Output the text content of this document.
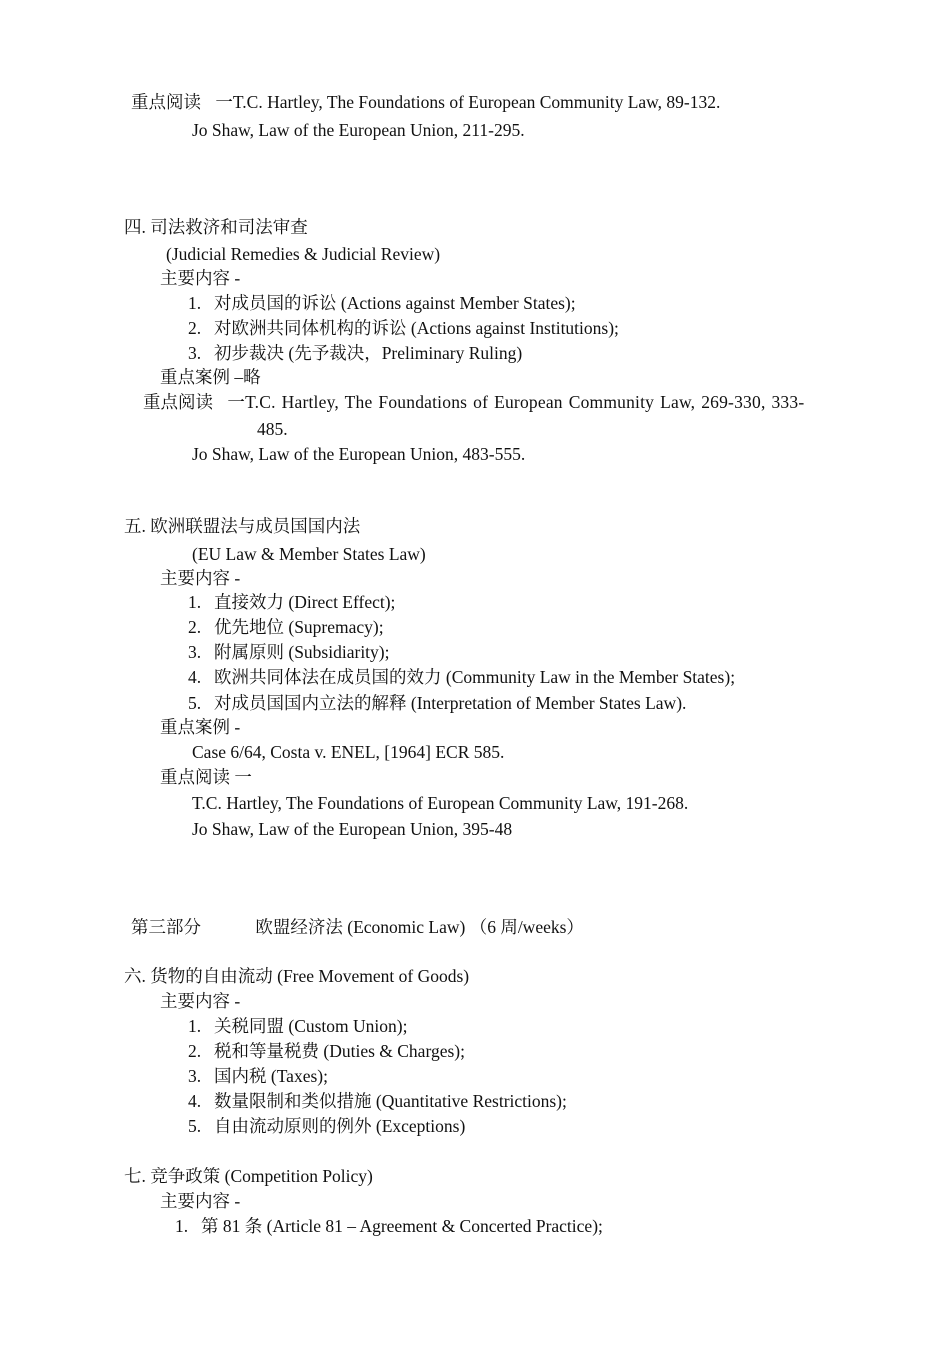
重点阅读 一T.C. Hartley, The Foundations of European Community Law, 89-132.
Jo Shaw, Law of the European Union, 211-295.
四. 司法救济和司法审查
(Judicial Remedies & Judicial Review)
主要内容 -
1. 对成员国的诉讼 (Actions against Member States);
2. 对欧洲共同体机构的诉讼 (Actions against Institutions);
3. 初步裁决 (先予裁决，Preliminary Ruling)
重点案例 –略
重点阅读 一T.C. Hartley, The Foundations of European Community Law, 269-330, 333-
485.
Jo Shaw, Law of the European Union, 483-555.
五. 欧洲联盟法与成员国国内法
(EU Law & Member States Law)
主要内容 -
1. 直接效力 (Direct Effect);
2. 优先地位 (Supremacy);
3. 附属原则 (Subsidiarity);
4. 欧洲共同体法在成员国的效力 (Community Law in the Member States);
5. 对成员国国内立法的解释 (Interpretation of Member States Law).
重点案例 -
Case 6/64, Costa v. ENEL, [1964] ECR 585.
重点阅读 一
T.C. Hartley, The Foundations of European Community Law, 191-268.
Jo Shaw, Law of the European Union, 395-48
第三部分	欧盟经济法 (Economic Law) （6 周/weeks）
六. 货物的自由流动 (Free Movement of Goods)
主要内容 -
1. 关税同盟 (Custom Union);
2. 税和等量税费 (Duties & Charges);
3. 国内税 (Taxes);
4. 数量限制和类似措施 (Quantitative Restrictions);
5. 自由流动原则的例外 (Exceptions)
七. 竞争政策 (Competition Policy)
主要内容 -
1. 第 81 条 (Article 81 – Agreement & Concerted Practice);
